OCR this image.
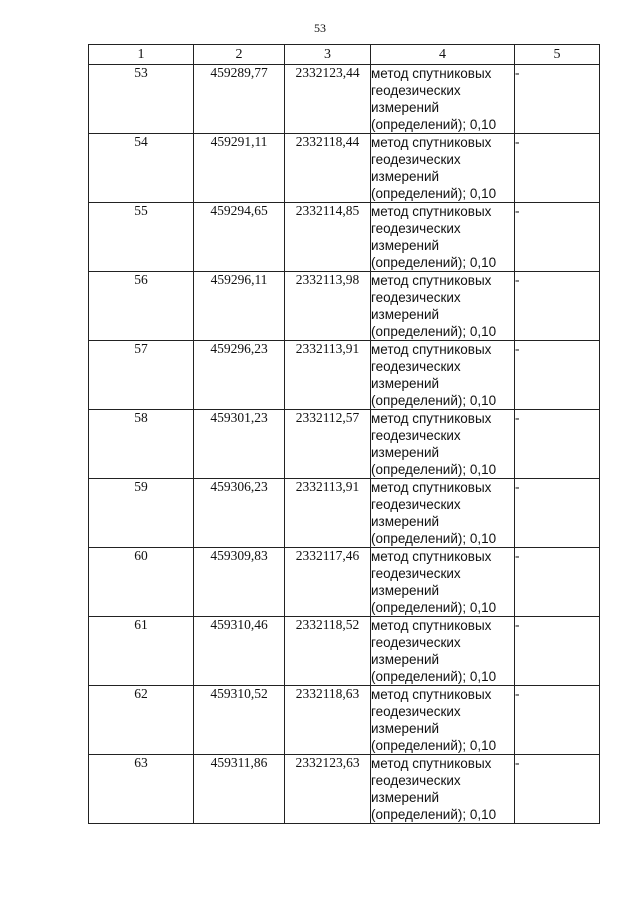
53
1	2	3	4	5
53	459289,77	2332123,44	метод спутниковых
геодезических
измерений
(определений); 0,10	-
54	459291,11	2332118,44	метод спутниковых
геодезических
измерений
(определений); 0,10	-
55	459294,65	2332114,85	метод спутниковых
геодезических
измерений
(определений); 0,10	-
56	459296,11	2332113,98	метод спутниковых
геодезических
измерений
(определений); 0,10	-
57	459296,23	2332113,91	метод спутниковых
геодезических
измерений
(определений); 0,10	-
58	459301,23	2332112,57	метод спутниковых
геодезических
измерений
(определений); 0,10	-
59	459306,23	2332113,91	метод спутниковых
геодезических
измерений
(определений); 0,10	-
60	459309,83	2332117,46	метод спутниковых
геодезических
измерений
(определений); 0,10	-
61	459310,46	2332118,52	метод спутниковых
геодезических
измерений
(определений); 0,10	-
62	459310,52	2332118,63	метод спутниковых
геодезических
измерений
(определений); 0,10	-
63	459311,86	2332123,63	метод спутниковых
геодезических
измерений
(определений); 0,10	-
